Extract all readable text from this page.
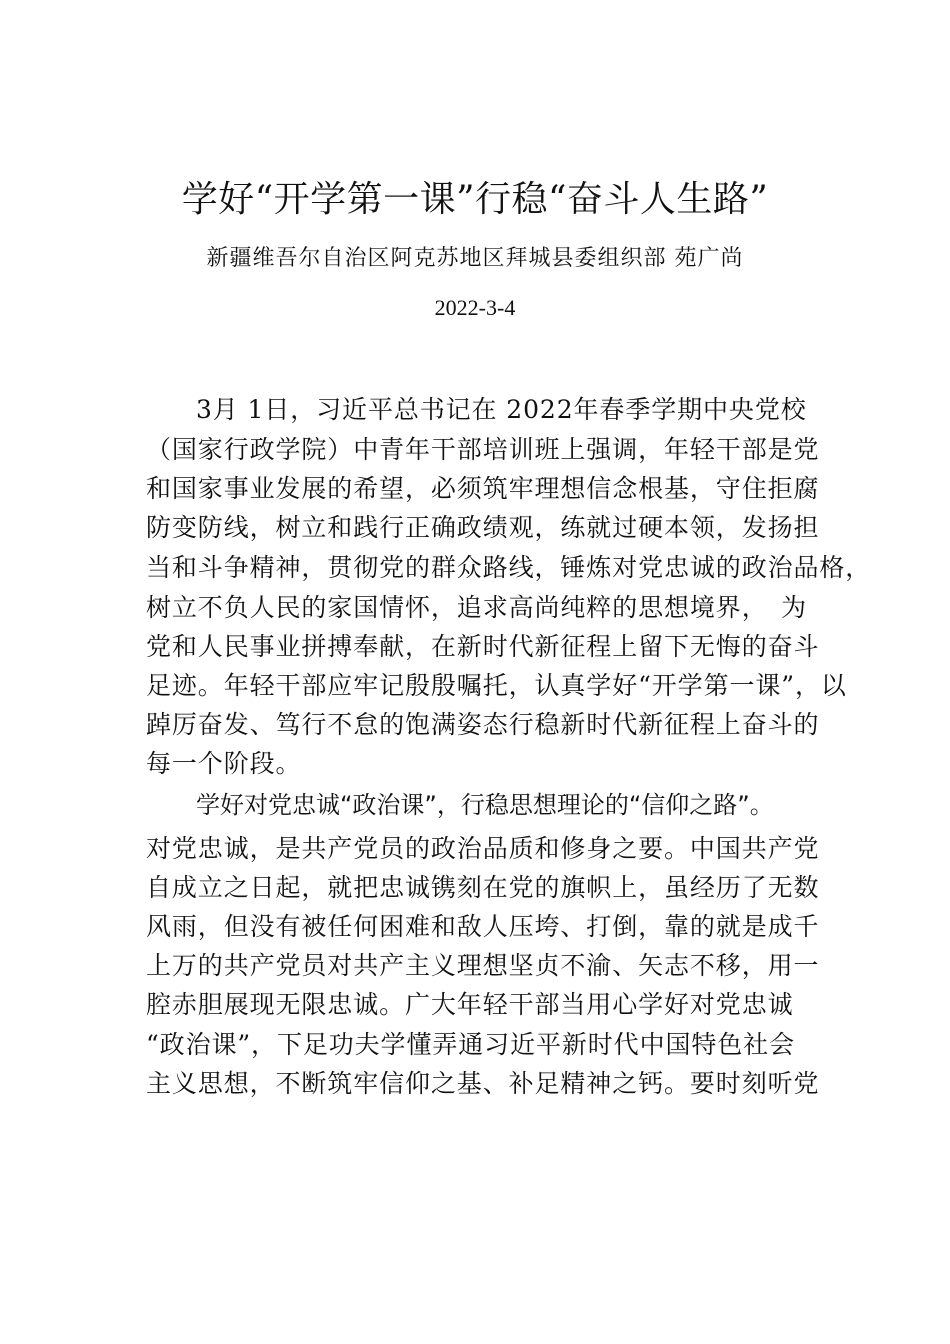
学好“开学第一课”行稳“奋斗人生路”
新疆维吾尔自治区阿克苏地区拜城县委组织部 苑广尚
2022-3-4
3月 1日，习近平总书记在 2022年春季学期中央党校
（国家行政学院）中青年干部培训班上强调，年轻干部是党
和国家事业发展的希望，必须筑牢理想信念根基，守住拒腐
防变防线，树立和践行正确政绩观，练就过硬本领，发扬担
当和斗争精神，贯彻党的群众路线，锤炼对党忠诚的政治品格，
树立不负人民的家国情怀，追求高尚纯粹的思想境界，　为
党和人民事业拼搏奉献，在新时代新征程上留下无悔的奋斗
足迹。年轻干部应牢记殷殷嘱托，认真学好“开学第一课”，以
踔厉奋发、笃行不怠的饱满姿态行稳新时代新征程上奋斗的
每一个阶段。
学好对党忠诚“政治课”，行稳思想理论的“信仰之路”。
对党忠诚，是共产党员的政治品质和修身之要。中国共产党
自成立之日起，就把忠诚镌刻在党的旗帜上，虽经历了无数
风雨，但没有被任何困难和敌人压垮、打倒，靠的就是成千
上万的共产党员对共产主义理想坚贞不渝、矢志不移，用一
腔赤胆展现无限忠诚。广大年轻干部当用心学好对党忠诚
“政治课”，下足功夫学懂弄通习近平新时代中国特色社会
主义思想，不断筑牢信仰之基、补足精神之钙。要时刻听党
